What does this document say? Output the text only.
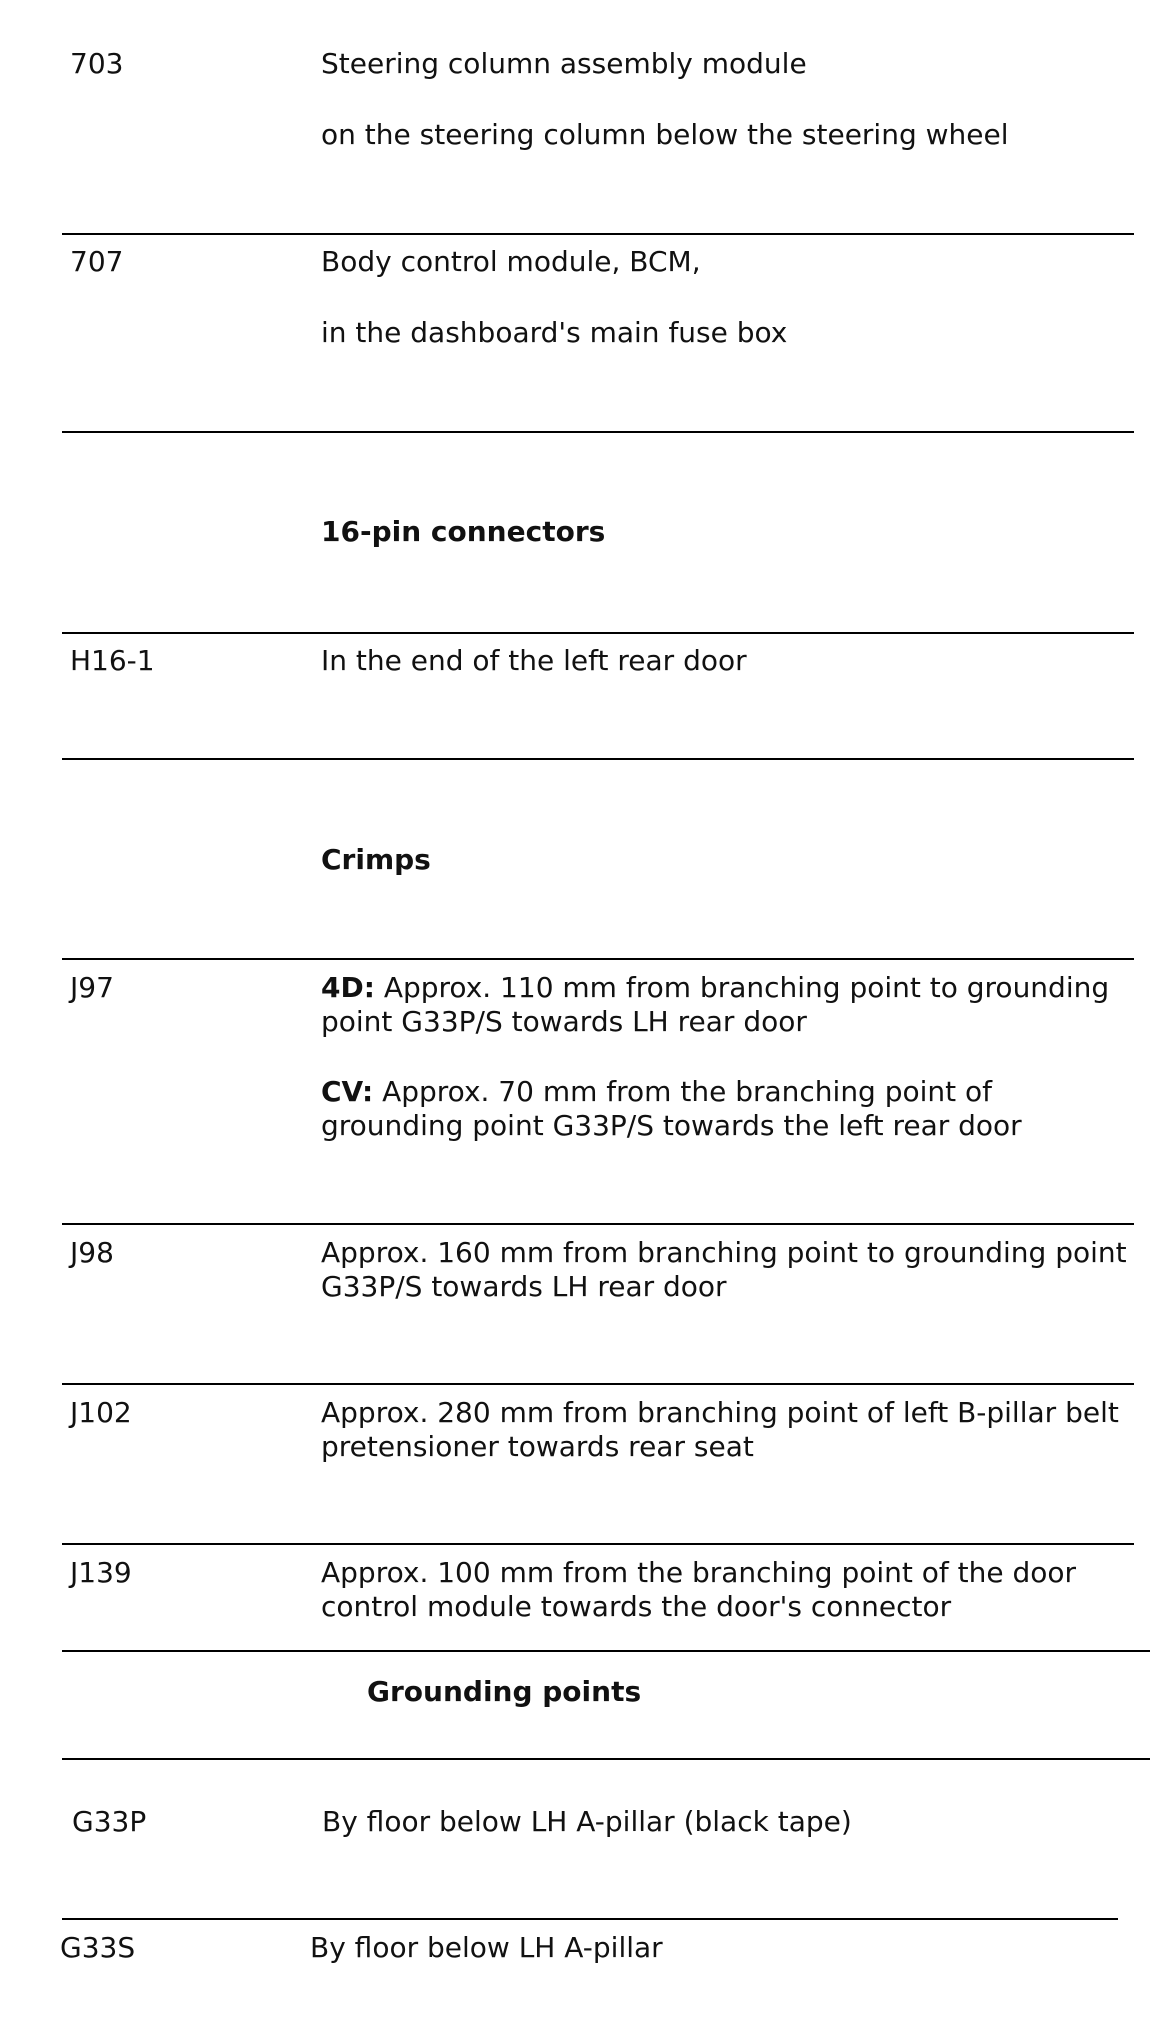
703	Steering column assembly module

on the steering column below the steering wheel

707	Body control module, BCM,

in the dashboard's main fuse box

16-pin connectors
H16-1	In the end of the left rear door

Crimps
J97	4D: Approx. 110 mm from branching point to grounding point G33P/S towards LH rear door

CV: Approx. 70 mm from the branching point of grounding point G33P/S towards the left rear door

J98	Approx. 160 mm from branching point to grounding point G33P/S towards LH rear door

J102	Approx. 280 mm from branching point of left B-pillar belt pretensioner towards rear seat

J139	Approx. 100 mm from the branching point of the door control module towards the door's connector

Grounding points
G33P	By floor below LH A-pillar (black tape)

G33S	By floor below LH A-pillar
